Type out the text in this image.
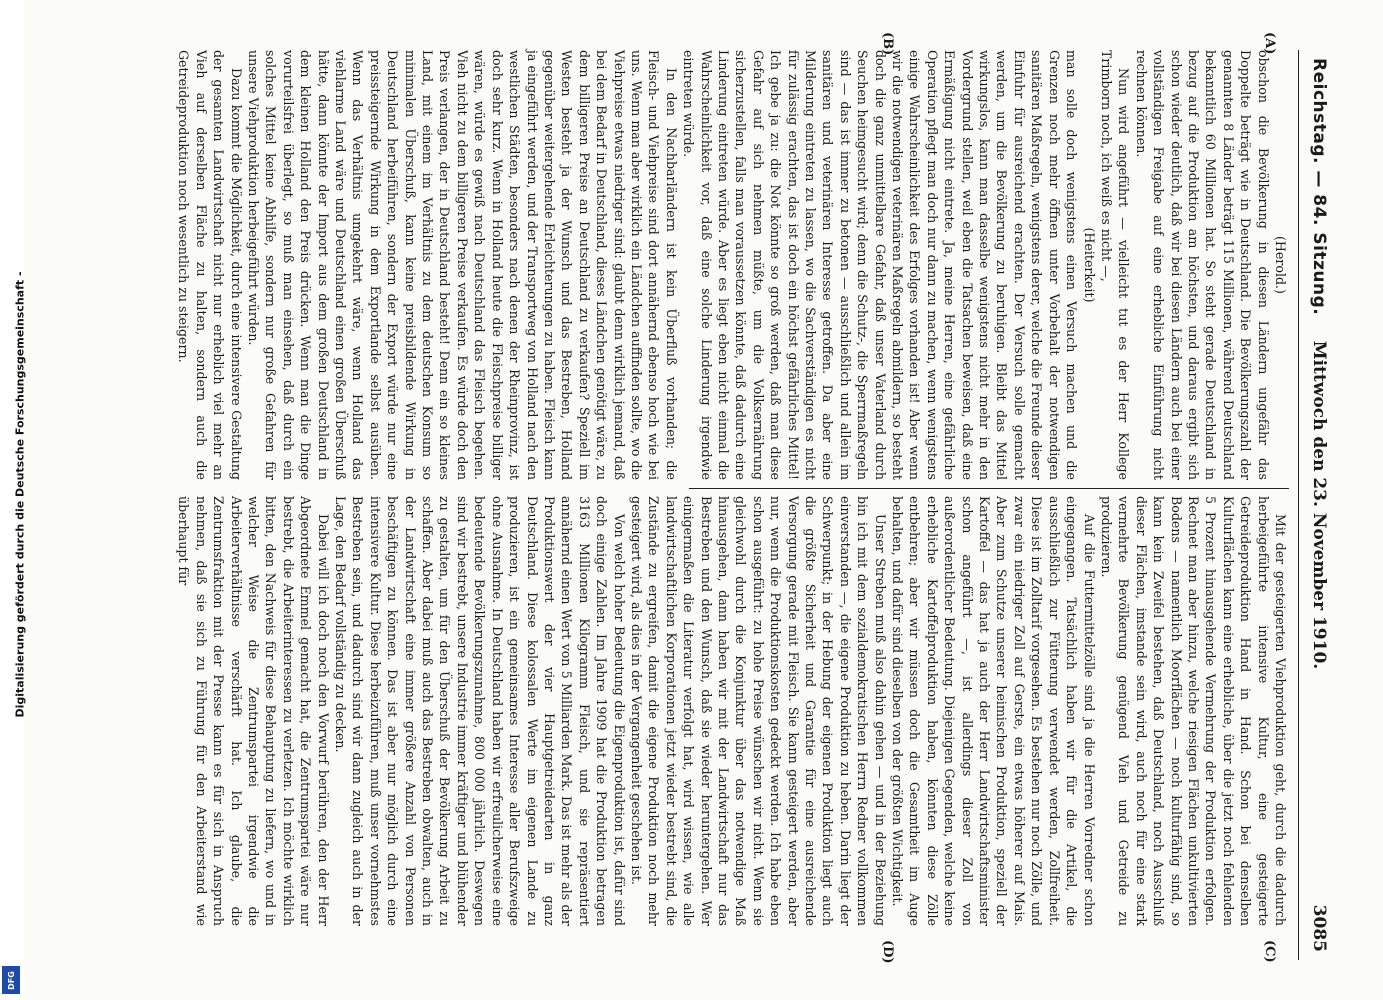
Reichstag. — 84. Sitzung.
Mittwoch den 23. November 1910.
3085
(A)
(B)
(C)
(D)

(Herold.)

obschon die Bevölkerung in diesen Ländern ungefähr das Doppelte beträgt wie in Deutschland. Die Bevölkerungszahl der genannten 8 Länder beträgt 115 Millionen, während Deutschland bekanntlich 60 Millionen hat. So steht gerade Deutschland in bezug auf die Produktion am höchsten, und daraus ergibt sich schon wieder deutlich, daß wir bei diesen Ländern auch bei einer vollständigen Freigabe auf eine erhebliche Einführung nicht rechnen können.

Nun wird angeführt — vielleicht tut es der Herr Kollege Trimborn noch, ich weiß es nicht —,

(Heiterkeit)

man solle doch wenigstens einen Versuch machen und die Grenzen noch mehr öffnen unter Vorbehalt der notwendigen sanitären Maßregeln, wenigstens derer, welche die Freunde dieser Einfuhr für ausreichend erachten. Der Versuch solle gemacht werden, um die Bevölkerung zu beruhigen. Bleibt das Mittel wirkungslos, kann man dasselbe wenigstens nicht mehr in den Vordergrund stellen, weil eben die Tatsachen beweisen, daß eine Ermäßigung nicht eintrete. Ja, meine Herren, eine gefährliche Operation pflegt man doch nur dann zu machen, wenn wenigstens einige Wahrscheinlichkeit des Erfolges vorhanden ist! Aber wenn wir die notwendigen veterinären Maßregeln abmildern, so besteht doch die ganz unmittelbare Gefahr, daß unser Vaterland durch Seuchen heimgesucht wird; denn die Schutz-, die Sperrmaßregeln sind — das ist immer zu betonen — ausschließlich und allein im sanitären und veterinären Interesse getroffen. Da aber eine Milderung eintreten zu lassen, wo die Sachverständigen es nicht für zulässig erachten, das ist doch ein höchst gefährliches Mittel! Ich gebe ja zu: die Not könnte so groß werden, daß man diese Gefahr auf sich nehmen müßte, um die Volksernährung sicherzustellen, falls man voraussetzen könnte, daß dadurch eine Linderung eintreten würde. Aber es liegt eben nicht einmal die Wahrscheinlichkeit vor, daß eine solche Linderung irgendwie eintreten würde.

In den Nachbarländern ist kein Überfluß vorhanden; die Fleisch- und Viehpreise sind dort annähernd ebenso hoch wie bei uns. Wenn man aber wirklich ein Ländchen auffinden sollte, wo die Viehpreise etwas niedriger sind: glaubt denn wirklich jemand, daß bei dem Bedarf in Deutschland, dieses Ländchen genötigt wäre, zu dem billigeren Preise an Deutschland zu verkaufen? Speziell im Westen besteht ja der Wunsch und das Bestreben, Holland gegenüber weitergehende Erleichterungen zu haben. Fleisch kann ja eingeführt werden, und der Transportweg von Holland nach den westlichen Städten, besonders nach denen der Rheinprovinz, ist doch sehr kurz. Wenn in Holland heute die Fleischpreise billiger wären, würde es gewiß nach Deutschland das Fleisch begehen. Vieh nicht zu dem billigeren Preise verkaufen. Es würde doch den Preis verlangen, der in Deutschland besteht! Denn ein so kleines Land, mit einem im Verhältnis zu dem deutschen Konsum so minimalen Überschuß, kann keine preisbildende Wirkung in Deutschland herbeiführen, sondern der Export würde nur eine preissteigernde Wirkung in dem Exportlande selbst ausüben. Wenn das Verhältnis umgekehrt wäre, wenn Holland das viehlarme Land wäre und Deutschland einen großen Überschuß hätte, dann könnte der Import aus dem großen Deutschland in dem kleinen Holland den Preis drücken. Wenn man die Dinge vorurteilsfrei überlegt, so muß man einsehen, daß durch ein solches Mittel keine Abhilfe, sondern nur große Gefahren für unsere Viehproduktion herbeigeführt würden.

Dazu kommt die Möglichkeit, durch eine intensivere Gestaltung der gesamten Landwirtschaft nicht nur erheblich viel mehr an Vieh auf derselben Fläche zu halten, sondern auch die Getreideproduktion noch wesentlich zu steigern.

Mit der gesteigerten Viehproduktion geht, durch die dadurch herbeigeführte intensive Kultur, eine gesteigerte Getreideproduktion Hand in Hand. Schon bei denselben Kulturflächen kann eine erhebliche, über die jetzt noch fehlenden 5 Prozent hinausgehende Vermehrung der Produktion erfolgen. Rechnet man aber hinzu, welche riesigen Flächen unkultivierten Bodens — namentlich Moorflächen — noch kulturfähig sind, so kann kein Zweifel bestehen, daß Deutschland, noch Ausschluß dieser Flächen, imstande sein wird, auch noch für eine stark vermehrte Bevölkerung genügend Vieh und Getreide zu produzieren.

Auf die Futtermittelzölle sind ja die Herren Vorredner schon eingegangen. Tatsächlich haben wir für die Artikel, die ausschließlich zur Fütterung verwendet werden, Zollfreiheit. Diese ist im Zolltarif vorgesehen. Es bestehen nur noch Zölle, und zwar ein niedriger Zoll auf Gerste, ein etwas höherer auf Mais. Aber zum Schutze unserer heimischen Produktion, speziell der Kartoffel — das hat ja auch der Herr Landwirtschaftsminister schon angeführt —, ist allerdings dieser Zoll von außerordentlicher Bedeutung. Diejenigen Gegenden, welche keine erhebliche Kartoffelproduktion haben, könnten diese Zölle entbehren; aber wir müssen doch die Gesamtheit im Auge behalten, und dafür sind dieselben von der größten Wichtigkeit.

Unser Streben muß also dahin gehen — und in der Beziehung bin ich mit dem sozialdemokratischen Herrn Redner vollkommen einverstanden —, die eigene Produktion zu heben. Darin liegt der Schwerpunkt; in der Hebung der eigenen Produktion liegt auch die größte Sicherheit und Garantie für eine ausreichende Versorgung gerade mit Fleisch. Sie kann gesteigert werden, aber nur, wenn die Produktionskosten gedeckt werden. Ich habe eben schon ausgeführt: zu hohe Preise wünschen wir nicht. Wenn sie gleichwohl durch die Konjunktur über das notwendige Maß hinausgehen, dann haben wir mit der Landwirtschaft nur das Bestreben und den Wunsch, daß sie wieder heruntergehen. Wer einigermaßen die Literatur verfolgt hat, wird wissen, wie alle landwirtschaftlichen Korporationen jetzt wieder bestrebt sind, die Zustände zu ergreifen, damit die eigene Produktion noch mehr gesteigert wird, als dies in der Vergangenheit geschehen ist.

Von welch hoher Bedeutung die Eigenproduktion ist, dafür sind doch einige Zahlen. Im Jahre 1909 hat die Produktion betragen 3163 Millionen Kilogramm Fleisch, und sie repräsentiert annähernd einen Wert von 5 Milliarden Mark. Das ist mehr als der Produktionswert der vier Hauptgetreidearten in ganz Deutschland. Diese kolossalen Werte im eigenen Lande zu produzieren, ist ein gemeinsames Interesse aller Berufszweige ohne Ausnahme. In Deutschland haben wir erfreulicherweise eine bedeutende Bevölkerungszunahme, 800 000 jährlich. Deswegen sind wir bestrebt, unsere Industrie immer kräftiger und blühender zu gestalten, um für den Überschuß der Bevölkerung Arbeit zu schaffen. Aber dabei muß auch das Bestreben obwalten, auch in der Landwirtschaft eine immer größere Anzahl von Personen beschäftigen zu können. Das ist aber nur möglich durch eine intensivere Kultur. Diese herbeizuführen, muß unser vornehmstes Bestreben sein, und dadurch sind wir dann zugleich auch in der Lage, den Bedarf vollständig zu decken.

Dabei will ich doch noch den Vorwurf berühren, den der Herr Abgeordnete Emmel gemacht hat, die Zentrumspartei wäre nur bestrebt, die Arbeiterinteressen zu verletzen. Ich möchte wirklich bitten, den Nachweis für diese Behauptung zu liefern, wo und in welcher Weise die Zentrumspartei irgendwie die Arbeiterverhältnisse verschärft hat. Ich glaube, die Zentrumsfraktion mit der Presse kann es für sich in Anspruch nehmen, daß sie sich zu Führung für den Arbeiterstand wie überhaupt für

Digitalisierung gefördert durch die Deutsche Forschungsgemeinschaft -
DFG
